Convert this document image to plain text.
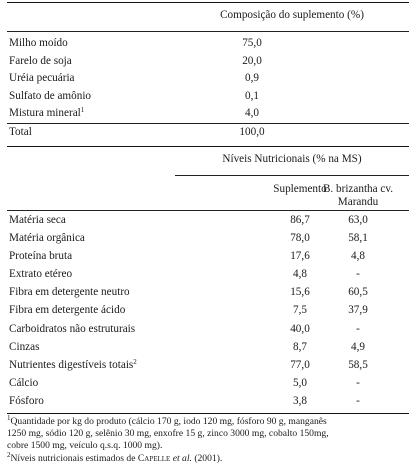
Composição do suplemento (%)
Milho moído	75,0
Farelo de soja	20,0
Uréia pecuária	0,9
Sulfato de amônio	0,1
Mistura mineral$^1$	4,0
Total	100,0
Níveis Nutricionais (% na MS)
Suplemento
B. brizantha cv.
Marandu
Matéria seca	86,7	63,0
Matéria orgânica	78,0	58,1
Proteína bruta	17,6	4,8
Extrato etéreo	4,8	-
Fibra em detergente neutro	15,6	60,5
Fibra em detergente ácido	7,5	37,9
Carboidratos não estruturais	40,0	-
Cinzas	8,7	4,9
Nutrientes digestíveis totais$^2$	77,0	58,5
Cálcio	5,0	-
Fósforo	3,8	-
$^1$Quantidade por kg do produto (cálcio 170 g, iodo 120 mg, fósforo 90 g, manganês
1250 mg, sódio 120 g, selênio 30 mg, enxofre 15 g, zinco 3000 mg, cobalto 150mg,
cobre 1500 mg, veículo q.s.q. 1000 mg).
$^2$Níveis nutricionais estimados de Capelle et al. (2001).
